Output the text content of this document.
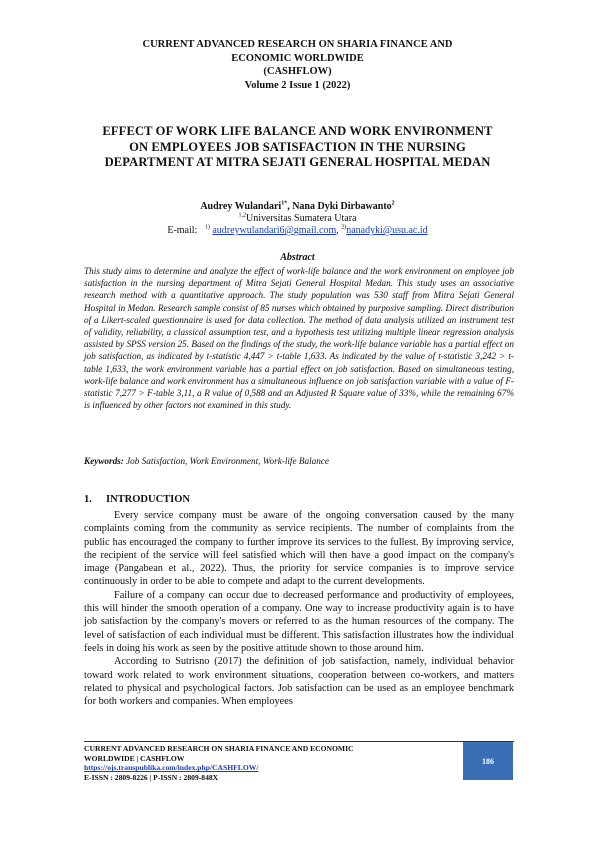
CURRENT ADVANCED RESEARCH ON SHARIA FINANCE AND
ECONOMIC WORLDWIDE
(CASHFLOW)
Volume 2 Issue 1 (2022)
EFFECT OF WORK LIFE BALANCE AND WORK ENVIRONMENT ON EMPLOYEES JOB SATISFACTION IN THE NURSING DEPARTMENT AT MITRA SEJATI GENERAL HOSPITAL MEDAN
Audrey Wulandari$^{1*}$, Nana Dyki Dirbawanto$^2$
$^{1,2}$Universitas Sumatera Utara
E-mail: $^{1)}$ audreywulandari6@gmail.com, $^{2)}$nanadyki@usu.ac.id
Abstract
This study aims to determine and analyze the effect of work-life balance and the work environment on employee job satisfaction in the nursing department of Mitra Sejati General Hospital Medan. This study uses an associative research method with a quantitative approach. The study population was 530 staff from Mitra Sejati General Hospital in Medan. Research sample consist of 85 nurses which obtained by purposive sampling. Direct distribution of a Likert-scaled questionnaire is used for data collection. The method of data analysis utilized an instrument test of validity, reliability, a classical assumption test, and a hypothesis test utilizing multiple linear regression analysis assisted by SPSS version 25. Based on the findings of the study, the work-life balance variable has a partial effect on job satisfaction, as indicated by t-statistic 4,447 > t-table 1,633. As indicated by the value of t-statistic 3,242 > t-table 1,633, the work environment variable has a partial effect on job satisfaction. Based on simultaneous testing, work-life balance and work environment has a simultaneous influence on job satisfaction variable with a value of F-statistic 7,277 > F-table 3,11, a R value of 0,588 and an Adjusted R Square value of 33%, while the remaining 67% is influenced by other factors not examined in this study.
Keywords: Job Satisfaction, Work Environment, Work-life Balance
1. INTRODUCTION

Every service company must be aware of the ongoing conversation caused by the many complaints coming from the community as service recipients. The number of complaints from the public has encouraged the company to further improve its services to the fullest. By improving service, the recipient of the service will feel satisfied which will then have a good impact on the company's image (Pangabean et al., 2022). Thus, the priority for service companies is to improve service continuously in order to be able to compete and adapt to the current developments.

Failure of a company can occur due to decreased performance and productivity of employees, this will hinder the smooth operation of a company. One way to increase productivity again is to have job satisfaction by the company's movers or referred to as the human resources of the company. The level of satisfaction of each individual must be different. This satisfaction illustrates how the individual feels in doing his work as seen by the positive attitude shown to those around him.

According to Sutrisno (2017) the definition of job satisfaction, namely, individual behavior toward work related to work environment situations, cooperation between co-workers, and matters related to physical and psychological factors. Job satisfaction can be used as an employee benchmark for both workers and companies. When employees

CURRENT ADVANCED RESEARCH ON SHARIA FINANCE AND ECONOMIC
WORLDWIDE | CASHFLOW
https://ojs.transpublika.com/index.php/CASHFLOW/
E-ISSN : 2809-8226 | P-ISSN : 2809-848X
186
